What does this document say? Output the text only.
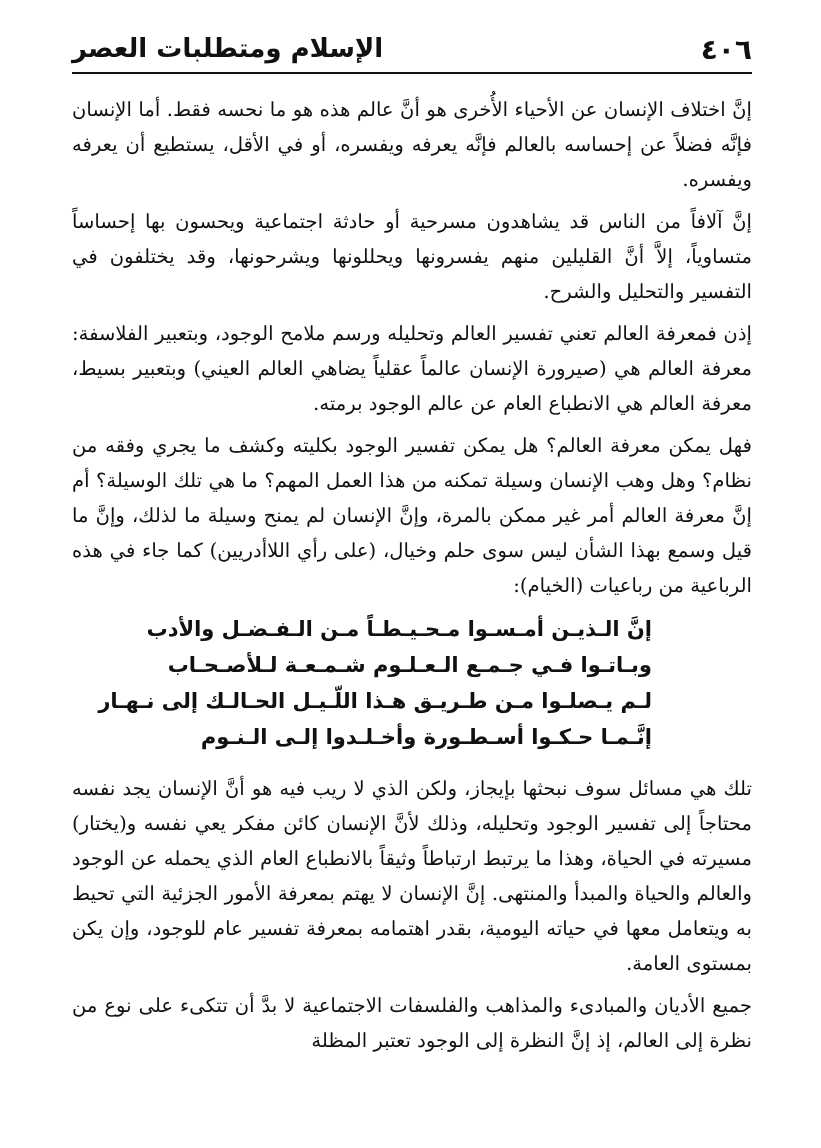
٤٠٦
الإسلام ومتطلبات العصر

إنَّ اختلاف الإنسان عن الأحياء الأُخرى هو أنَّ عالم هذه هو ما نحسه فقط. أما الإنسان فإنَّه فضلاً عن إحساسه بالعالم فإنَّه يعرفه ويفسره، أو في الأقل، يستطيع أن يعرفه ويفسره.

إنَّ آلافاً من الناس قد يشاهدون مسرحية أو حادثة اجتماعية ويحسون بها إحساساً متساوياً، إلاَّ أنَّ القليلين منهم يفسرونها ويحللونها ويشرحونها، وقد يختلفون في التفسير والتحليل والشرح.

إذن فمعرفة العالم تعني تفسير العالم وتحليله ورسم ملامح الوجود، وبتعبير الفلاسفة: معرفة العالم هي (صيرورة الإنسان عالماً عقلياً يضاهي العالم العيني) وبتعبير بسيط، معرفة العالم هي الانطباع العام عن عالم الوجود برمته.

فهل يمكن معرفة العالم؟ هل يمكن تفسير الوجود بكليته وكشف ما يجري وفقه من نظام؟ وهل وهب الإنسان وسيلة تمكنه من هذا العمل المهم؟ ما هي تلك الوسيلة؟ أم إنَّ معرفة العالم أمر غير ممكن بالمرة، وإنَّ الإنسان لم يمنح وسيلة ما لذلك، وإنَّ ما قيل وسمع بهذا الشأن ليس سوى حلم وخيال، (على رأي اللاأدريين) كما جاء في هذه الرباعية من رباعيات (الخيام):

إنَّ الـذيـن أمـسـوا مـحـيـطـاً مـن الـفـضـل والأدب
وبـاتـوا فـي جـمـع الـعـلـوم شـمـعـة لـلأصـحـاب
لـم يـصلـوا مـن طـريـق هـذا اللّـيـل الحـالـك إلى نـهـار
إنَّـمـا حـكـوا أسـطـورة وأخـلـدوا إلـى الـنـوم

تلك هي مسائل سوف نبحثها بإيجاز، ولكن الذي لا ريب فيه هو أنَّ الإنسان يجد نفسه محتاجاً إلى تفسير الوجود وتحليله، وذلك لأنَّ الإنسان كائن مفكر يعي نفسه و(يختار) مسيرته في الحياة، وهذا ما يرتبط ارتباطاً وثيقاً بالانطباع العام الذي يحمله عن الوجود والعالم والحياة والمبدأ والمنتهى. إنَّ الإنسان لا يهتم بمعرفة الأمور الجزئية التي تحيط به ويتعامل معها في حياته اليومية، بقدر اهتمامه بمعرفة تفسير عام للوجود، وإن يكن بمستوى العامة.

جميع الأديان والمبادىء والمذاهب والفلسفات الاجتماعية لا بدَّ أن تتكىء على نوع من نظرة إلى العالم، إذ إنَّ النظرة إلى الوجود تعتبر المظلة
